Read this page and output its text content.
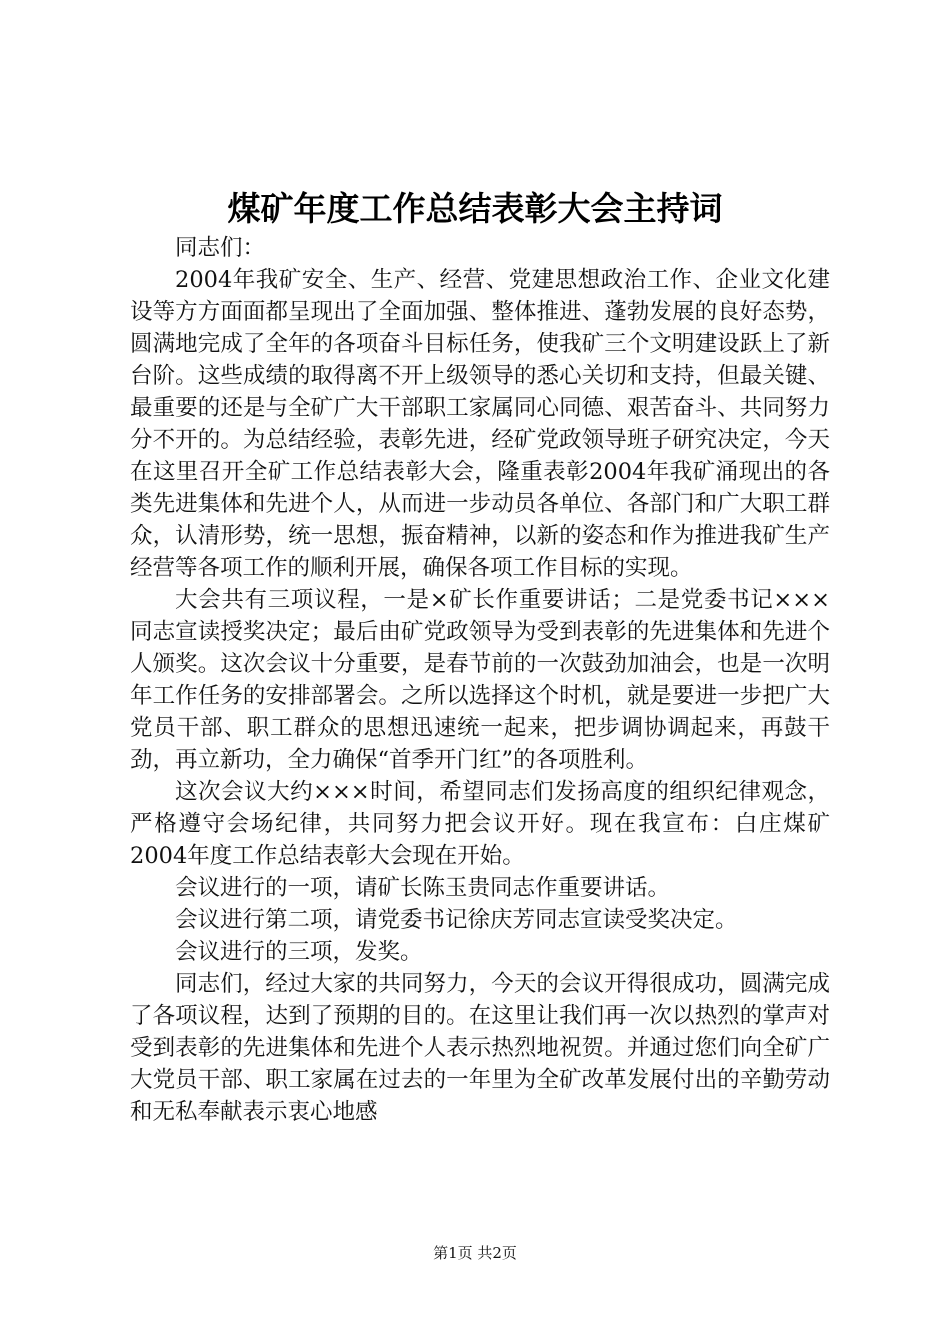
煤矿年度工作总结表彰大会主持词

同志们：

2004年我矿安全、生产、经营、党建思想政治工作、企业文化建设等方方面面都呈现出了全面加强、整体推进、蓬勃发展的良好态势，圆满地完成了全年的各项奋斗目标任务，使我矿三个文明建设跃上了新台阶。这些成绩的取得离不开上级领导的悉心关切和支持，但最关键、最重要的还是与全矿广大干部职工家属同心同德、艰苦奋斗、共同努力分不开的。为总结经验，表彰先进，经矿党政领导班子研究决定，今天在这里召开全矿工作总结表彰大会，隆重表彰2004年我矿涌现出的各类先进集体和先进个人，从而进一步动员各单位、各部门和广大职工群众，认清形势，统一思想，振奋精神，以新的姿态和作为推进我矿生产经营等各项工作的顺利开展，确保各项工作目标的实现。

大会共有三项议程，一是×矿长作重要讲话；二是党委书记×××同志宣读授奖决定；最后由矿党政领导为受到表彰的先进集体和先进个人颁奖。这次会议十分重要，是春节前的一次鼓劲加油会，也是一次明年工作任务的安排部署会。之所以选择这个时机，就是要进一步把广大党员干部、职工群众的思想迅速统一起来，把步调协调起来，再鼓干劲，再立新功，全力确保“首季开门红”的各项胜利。

这次会议大约×××时间，希望同志们发扬高度的组织纪律观念，严格遵守会场纪律，共同努力把会议开好。现在我宣布：白庄煤矿2004年度工作总结表彰大会现在开始。

会议进行的一项，请矿长陈玉贵同志作重要讲话。

会议进行第二项，请党委书记徐庆芳同志宣读受奖决定。

会议进行的三项，发奖。

同志们，经过大家的共同努力，今天的会议开得很成功，圆满完成了各项议程，达到了预期的目的。在这里让我们再一次以热烈的掌声对受到表彰的先进集体和先进个人表示热烈地祝贺。并通过您们向全矿广大党员干部、职工家属在过去的一年里为全矿改革发展付出的辛勤劳动和无私奉献表示衷心地感

第1页 共2页
